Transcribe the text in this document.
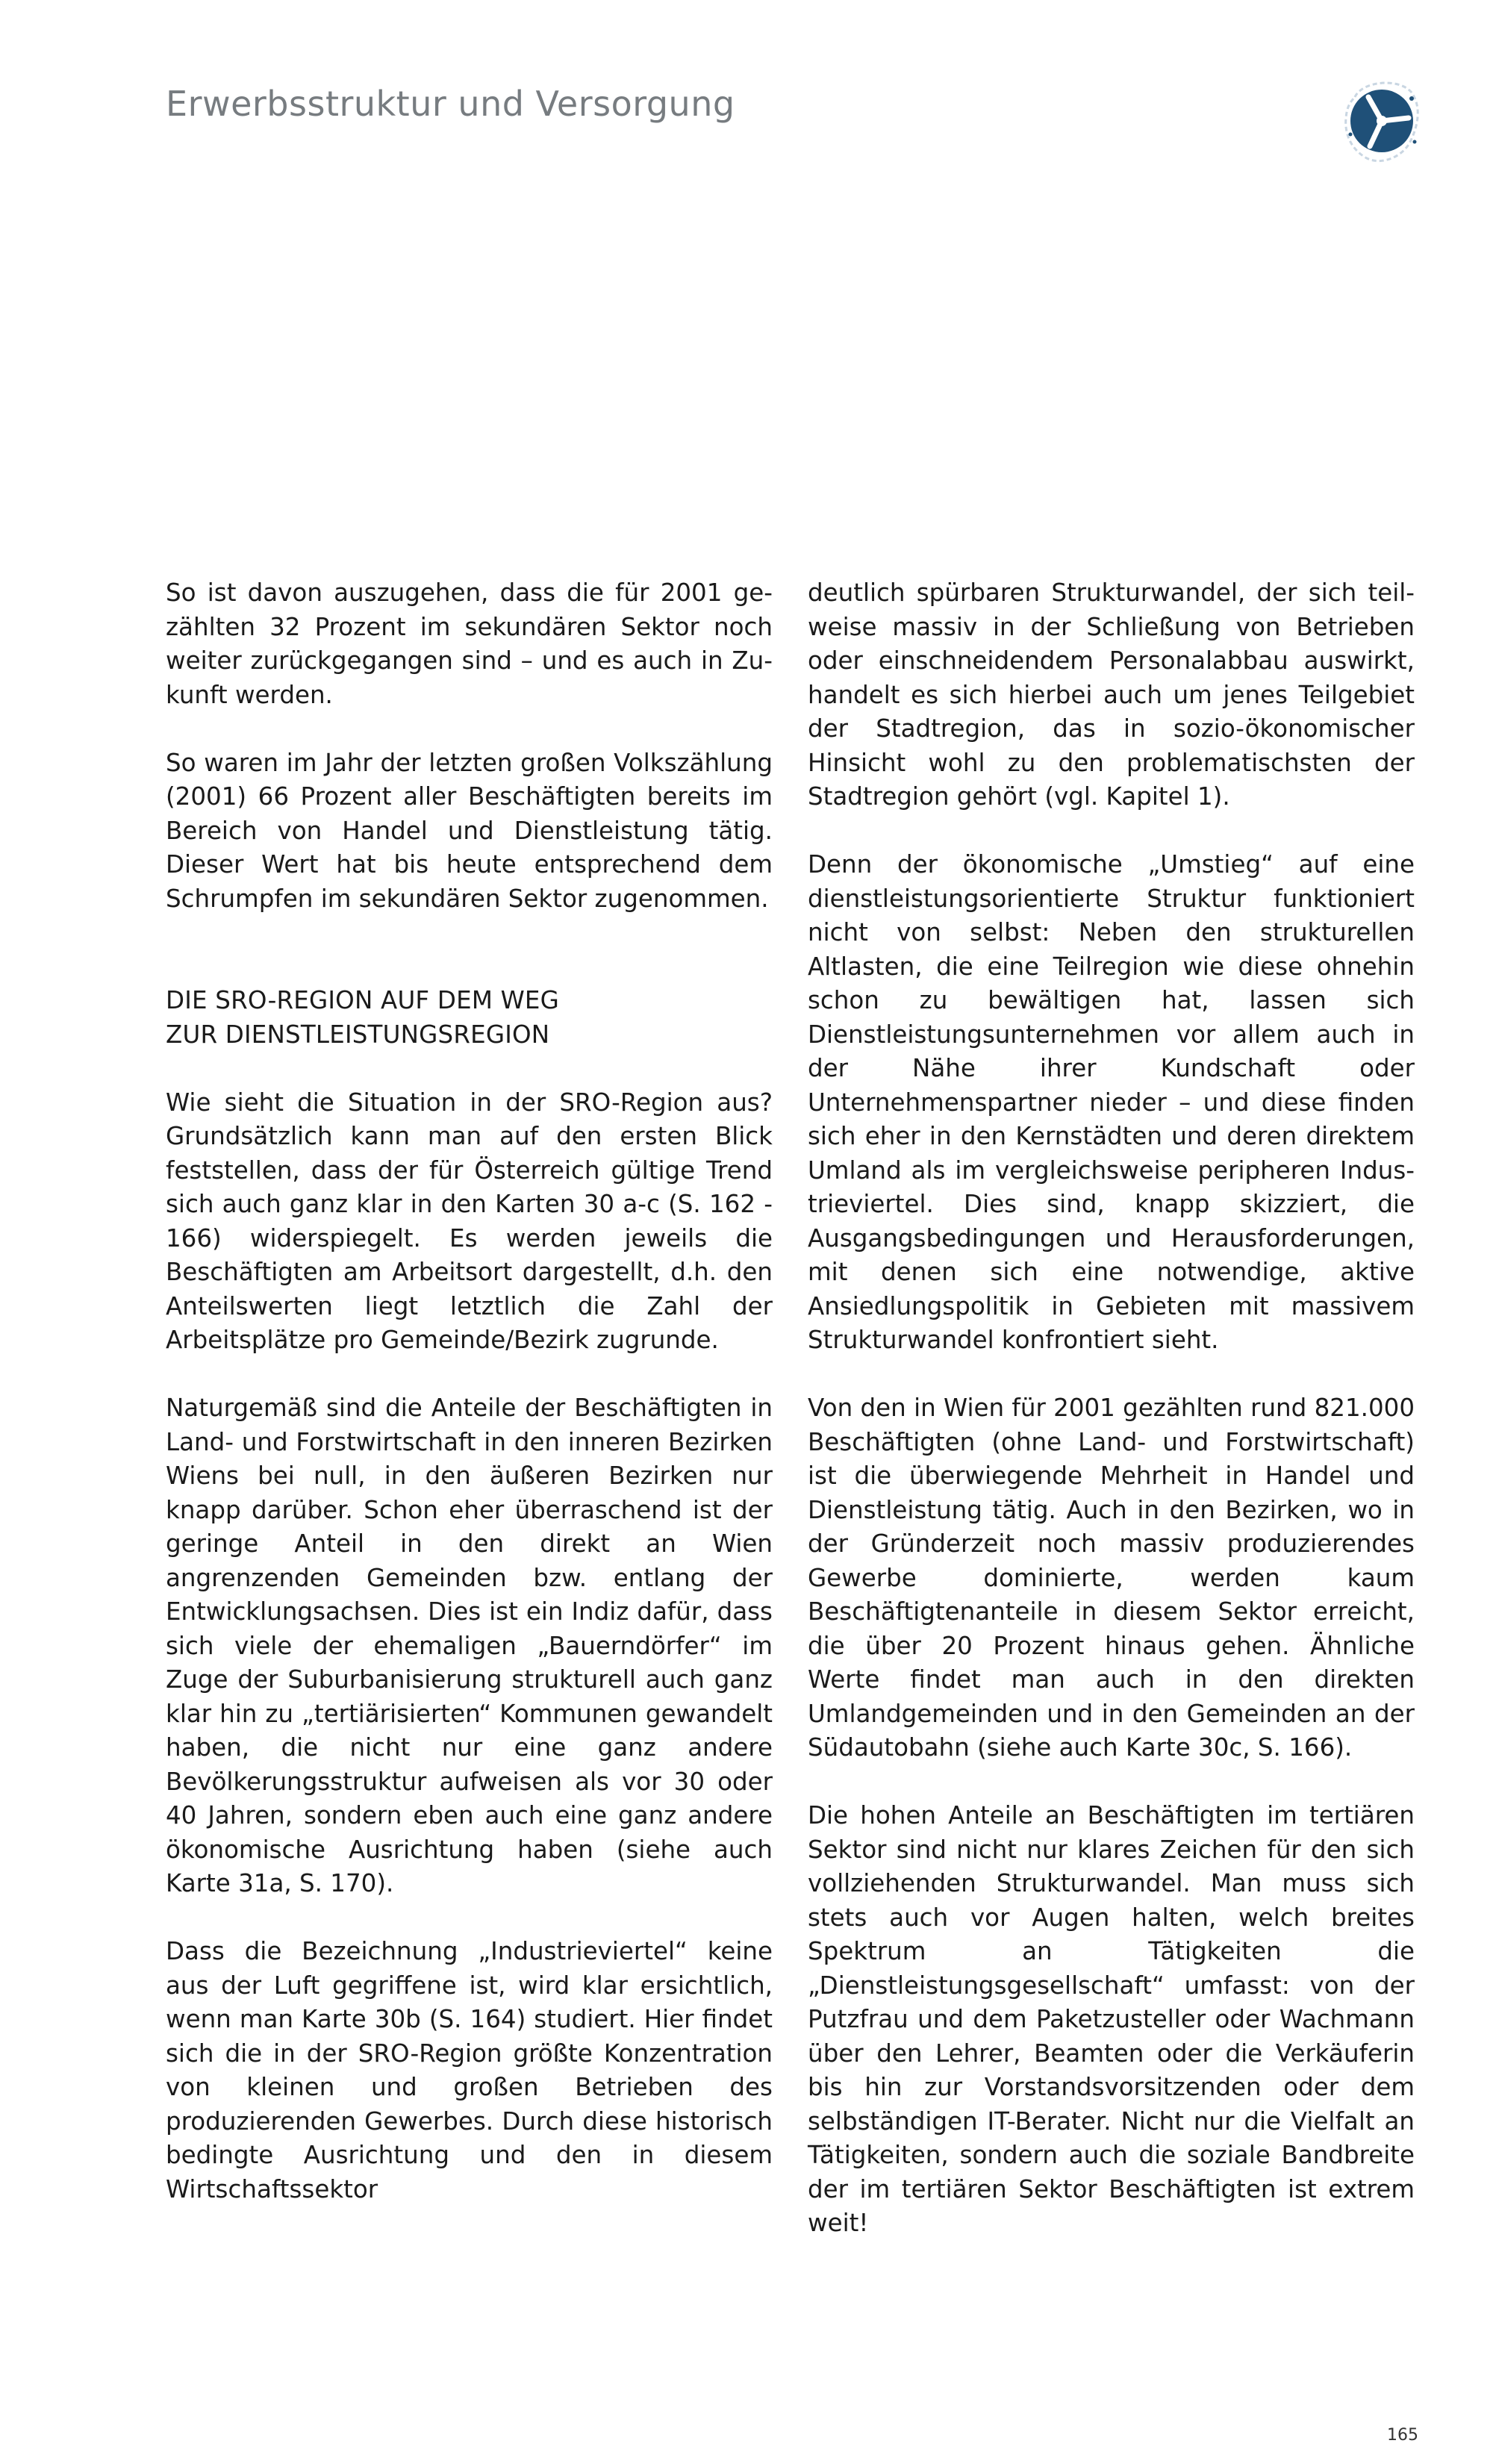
Erwerbsstruktur und Versorgung

So ist davon auszugehen, dass die für 2001 gezählten 32 Prozent im sekundären Sektor noch weiter zurückgegangen sind – und es auch in Zukunft werden.

So waren im Jahr der letzten großen Volkszählung (2001) 66 Prozent aller Beschäftigten bereits im Bereich von Handel und Dienstleistung tätig. Dieser Wert hat bis heute entsprechend dem Schrumpfen im sekundären Sektor zugenommen.

DIE SRO-REGION AUF DEM WEG
ZUR DIENSTLEISTUNGSREGION

Wie sieht die Situation in der SRO-Region aus? Grundsätzlich kann man auf den ersten Blick feststellen, dass der für Österreich gültige Trend sich auch ganz klar in den Karten 30 a-c (S. 162 - 166) widerspiegelt. Es werden jeweils die Beschäftigten am Arbeitsort dargestellt, d.h. den Anteilswerten liegt letztlich die Zahl der Arbeitsplätze pro Gemeinde/Bezirk zugrunde.

Naturgemäß sind die Anteile der Beschäftigten in Land- und Forstwirtschaft in den inneren Bezirken Wiens bei null, in den äußeren Bezirken nur knapp darüber. Schon eher überraschend ist der geringe Anteil in den direkt an Wien angrenzenden Gemeinden bzw. entlang der Entwicklungsachsen. Dies ist ein Indiz dafür, dass sich viele der ehemaligen „Bauerndörfer“ im Zuge der Suburbanisierung strukturell auch ganz klar hin zu „tertiärisierten“ Kommunen gewandelt haben, die nicht nur eine ganz andere Bevölkerungsstruktur aufweisen als vor 30 oder 40 Jahren, sondern eben auch eine ganz andere ökonomische Ausrichtung haben (siehe auch Karte 31a, S. 170).

Dass die Bezeichnung „Industrieviertel“ keine aus der Luft gegriffene ist, wird klar ersichtlich, wenn man Karte 30b (S. 164) studiert. Hier findet sich die in der SRO-Region größte Konzentration von kleinen und großen Betrieben des produzierenden Gewerbes. Durch diese historisch bedingte Ausrichtung und den in diesem Wirtschaftssektor

deutlich spürbaren Strukturwandel, der sich teilweise massiv in der Schließung von Betrieben oder einschneidendem Personalabbau auswirkt, handelt es sich hierbei auch um jenes Teilgebiet der Stadtregion, das in sozio-ökonomischer Hinsicht wohl zu den problematischsten der Stadtregion gehört (vgl. Kapitel 1).

Denn der ökonomische „Umstieg“ auf eine dienstleistungsorientierte Struktur funktioniert nicht von selbst: Neben den strukturellen Altlasten, die eine Teilregion wie diese ohnehin schon zu bewältigen hat, lassen sich Dienstleistungsunternehmen vor allem auch in der Nähe ihrer Kundschaft oder Unternehmenspartner nieder – und diese finden sich eher in den Kernstädten und deren direktem Umland als im vergleichsweise peripheren Industrieviertel. Dies sind, knapp skizziert, die Ausgangsbedingungen und Herausforderungen, mit denen sich eine notwendige, aktive Ansiedlungspolitik in Gebieten mit massivem Strukturwandel konfrontiert sieht.

Von den in Wien für 2001 gezählten rund 821.000 Beschäftigten (ohne Land- und Forstwirtschaft) ist die überwiegende Mehrheit in Handel und Dienstleistung tätig. Auch in den Bezirken, wo in der Gründerzeit noch massiv produzierendes Gewerbe dominierte, werden kaum Beschäftigtenanteile in diesem Sektor erreicht, die über 20 Prozent hinaus gehen. Ähnliche Werte findet man auch in den direkten Umlandgemeinden und in den Gemeinden an der Südautobahn (siehe auch Karte 30c, S. 166).

Die hohen Anteile an Beschäftigten im tertiären Sektor sind nicht nur klares Zeichen für den sich vollziehenden Strukturwandel. Man muss sich stets auch vor Augen halten, welch breites Spektrum an Tätigkeiten die „Dienstleistungsgesellschaft“ umfasst: von der Putzfrau und dem Paketzusteller oder Wachmann über den Lehrer, Beamten oder die Verkäuferin bis hin zur Vorstandsvorsitzenden oder dem selbständigen IT-Berater. Nicht nur die Vielfalt an Tätigkeiten, sondern auch die soziale Bandbreite der im tertiären Sektor Beschäftigten ist extrem weit!

165
